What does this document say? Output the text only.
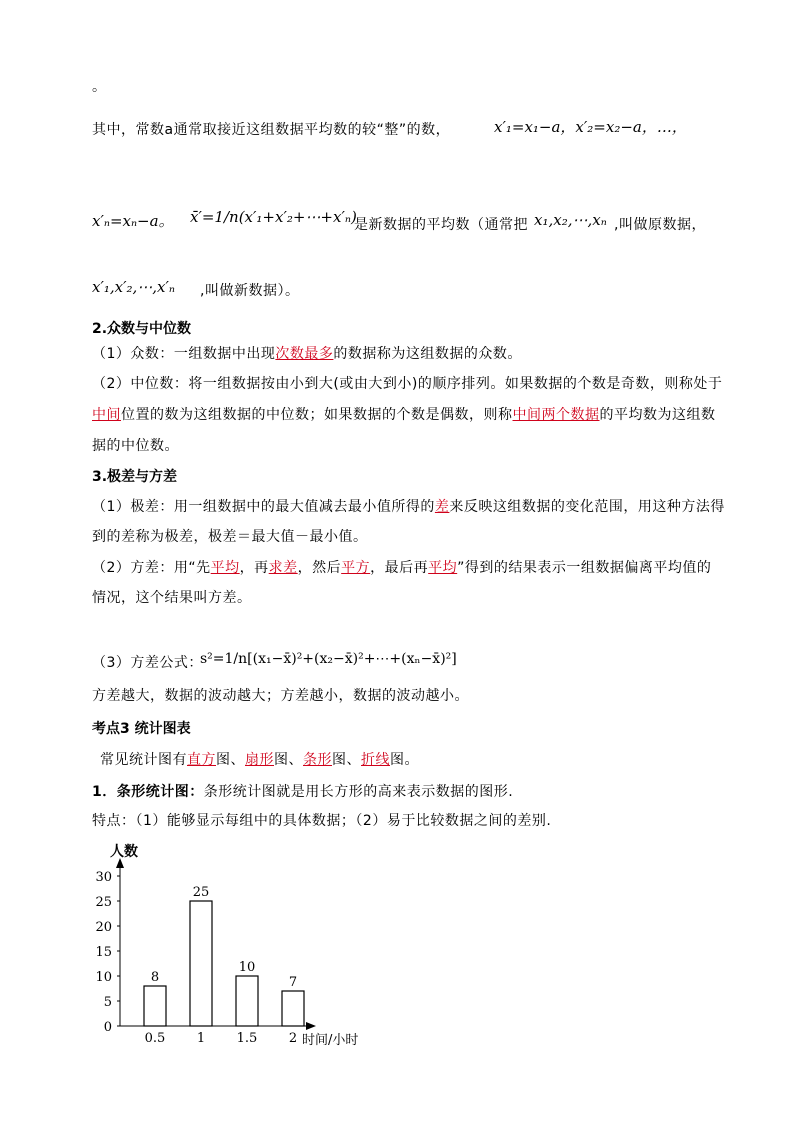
。
其中，常数a通常取接近这组数据平均数的较“整”的数，	x′₁=x₁−a，x′₂=x₂−a，…，
x′ₙ=xₙ−a。 x̄′=1/n(x′₁+x′₂+⋯+x′ₙ)
是新数据的平均数（通常把 x₁,x₂,⋯,xₙ ,叫做原数据，
x′₁,x′₂,⋯,x′ₙ ,叫做新数据）。
2.众数与中位数
（1）众数：一组数据中出现次数最多的数据称为这组数据的众数。
（2）中位数：将一组数据按由小到大(或由大到小)的顺序排列。如果数据的个数是奇数，则称处于
中间位置的数为这组数据的中位数；如果数据的个数是偶数，则称中间两个数据的平均数为这组数
据的中位数。
3.极差与方差
（1）极差：用一组数据中的最大值减去最小值所得的差来反映这组数据的变化范围，用这种方法得
到的差称为极差，极差＝最大值－最小值。
（2）方差：用“先平均，再求差，然后平方，最后再平均”得到的结果表示一组数据偏离平均值的
情况，这个结果叫方差。
（3）方差公式：
s²=1/n[(x₁−x̄)²+(x₂−x̄)²+⋯+(xₙ−x̄)²]
方差越大，数据的波动越大；方差越小，数据的波动越小。
考点3 统计图表
常见统计图有直方图、扇形图、条形图、折线图。
1．条形统计图：条形统计图就是用长方形的高来表示数据的图形.
特点：（1）能够显示每组中的具体数据；（2）易于比较数据之间的差别.
0
5
10
15
20
25
30
8
0.5
25
1
10
1.5
7
2
人数
时间/小时
